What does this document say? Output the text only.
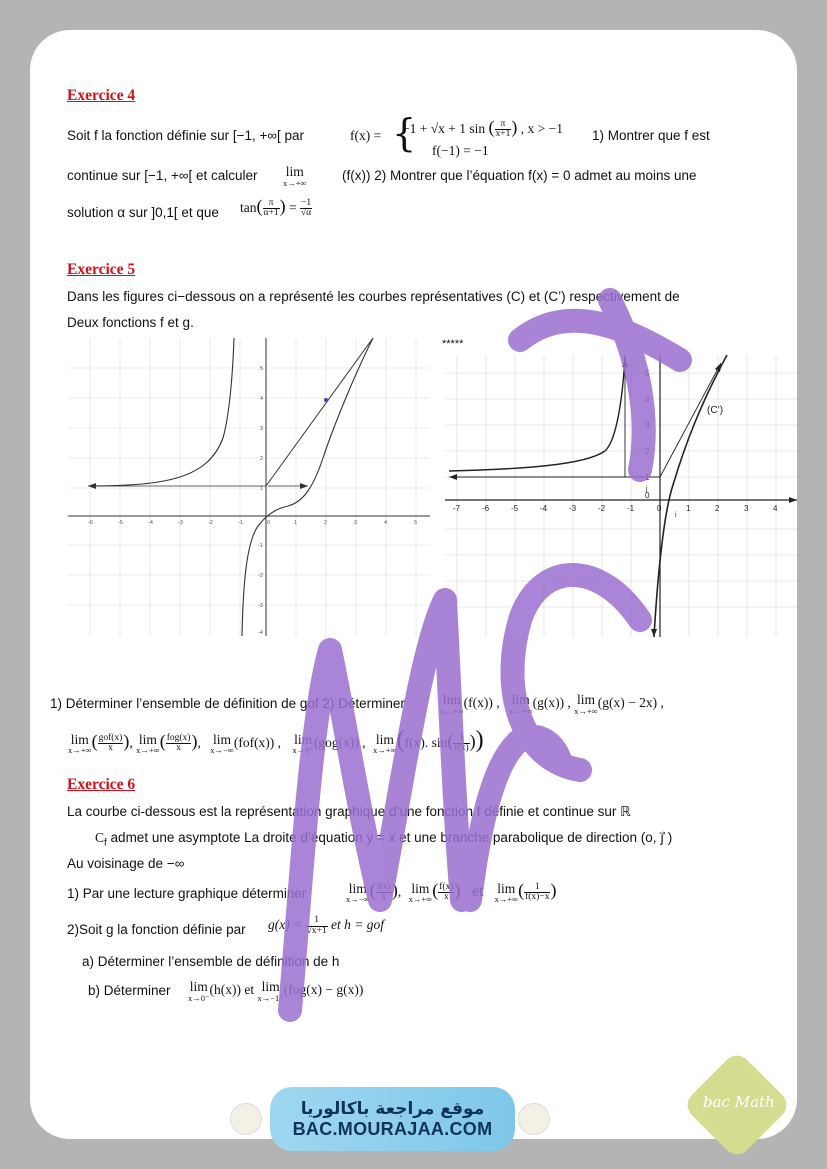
Exercice 4
Soit f la fonction définie sur [−1, +∞[ par	f(x) = {
−1 + √x + 1 sin ( $\frac{\pi}{x+1}$ ) , x > −1
f(−1) = −1
1) Montrer que f est
continue sur [−1, +∞[ et calculer lim
x→+∞	(f(x)) 2) Montrer que l’équation f(x) = 0 admet au moins une
solution α sur ]0,1[ et que $\tan( \frac{\pi}{\alpha+1}$ ) = $\frac{-1}{√\alpha}$
Exercice 5
Dans les figures ci−dessous on a représenté les courbes représentatives (C) et (C’) respectivement de
Deux fonctions f et g.
*****
-6	-5	-4	-3	-2	-1	0	1	2	3	4	5
5
4
3
2
1
-1
-2
-3
-4
(C’)
-7	-6	-5	-4	-3	-2	-1	0	1	2	3	4
5
4
3
2
1
0
j
i
1) Déterminer l’ensemble de définition de gof 2) Déterminer	lim
x→+∞
(f(x)) , lim
x→+∞
(g(x)) , lim
x→+∞
(g(x) − 2x) ,
lim
x→+∞ ( $\frac{\text{gof(x)}}{x}$ ), lim
x→+∞ ( $\frac{\text{fog(x)}}{x}$ ), lim
x→−∞
(fof(x)) , lim
x→0⁺
(gog(x)) , lim
x→+∞ (f(x). $\sin( \frac{1}{f(x)}$ ))
Exercice 6
La courbe ci-dessous est la représentation graphique d’une fonction f définie et continue sur ℝ
$C_f$ admet une asymptote La droite d’équation y = x et une branche parabolique de direction (o, j⃗ )
Au voisinage de −∞
1) Par une lecture graphique déterminer	lim
x→−∞ ( $\frac{f(x)}{x}$ ), lim
x→+∞ ( $\frac{f(x)}{x}$ ) et lim
x→+∞ ( $\frac{1}{f(x)-x}$ )
2)Soit g la fonction définie par $g(x) = \frac{1}{√x+1}$ et h = gof
a) Déterminer l’ensemble de définition de h
b) Déterminer lim
x→0⁻
(h(x)) et lim
x→−1⁺
(fog(x) − g(x))
موقع مراجعة باكالوريا
BAC.MOURAJAA.COM
bac Math
